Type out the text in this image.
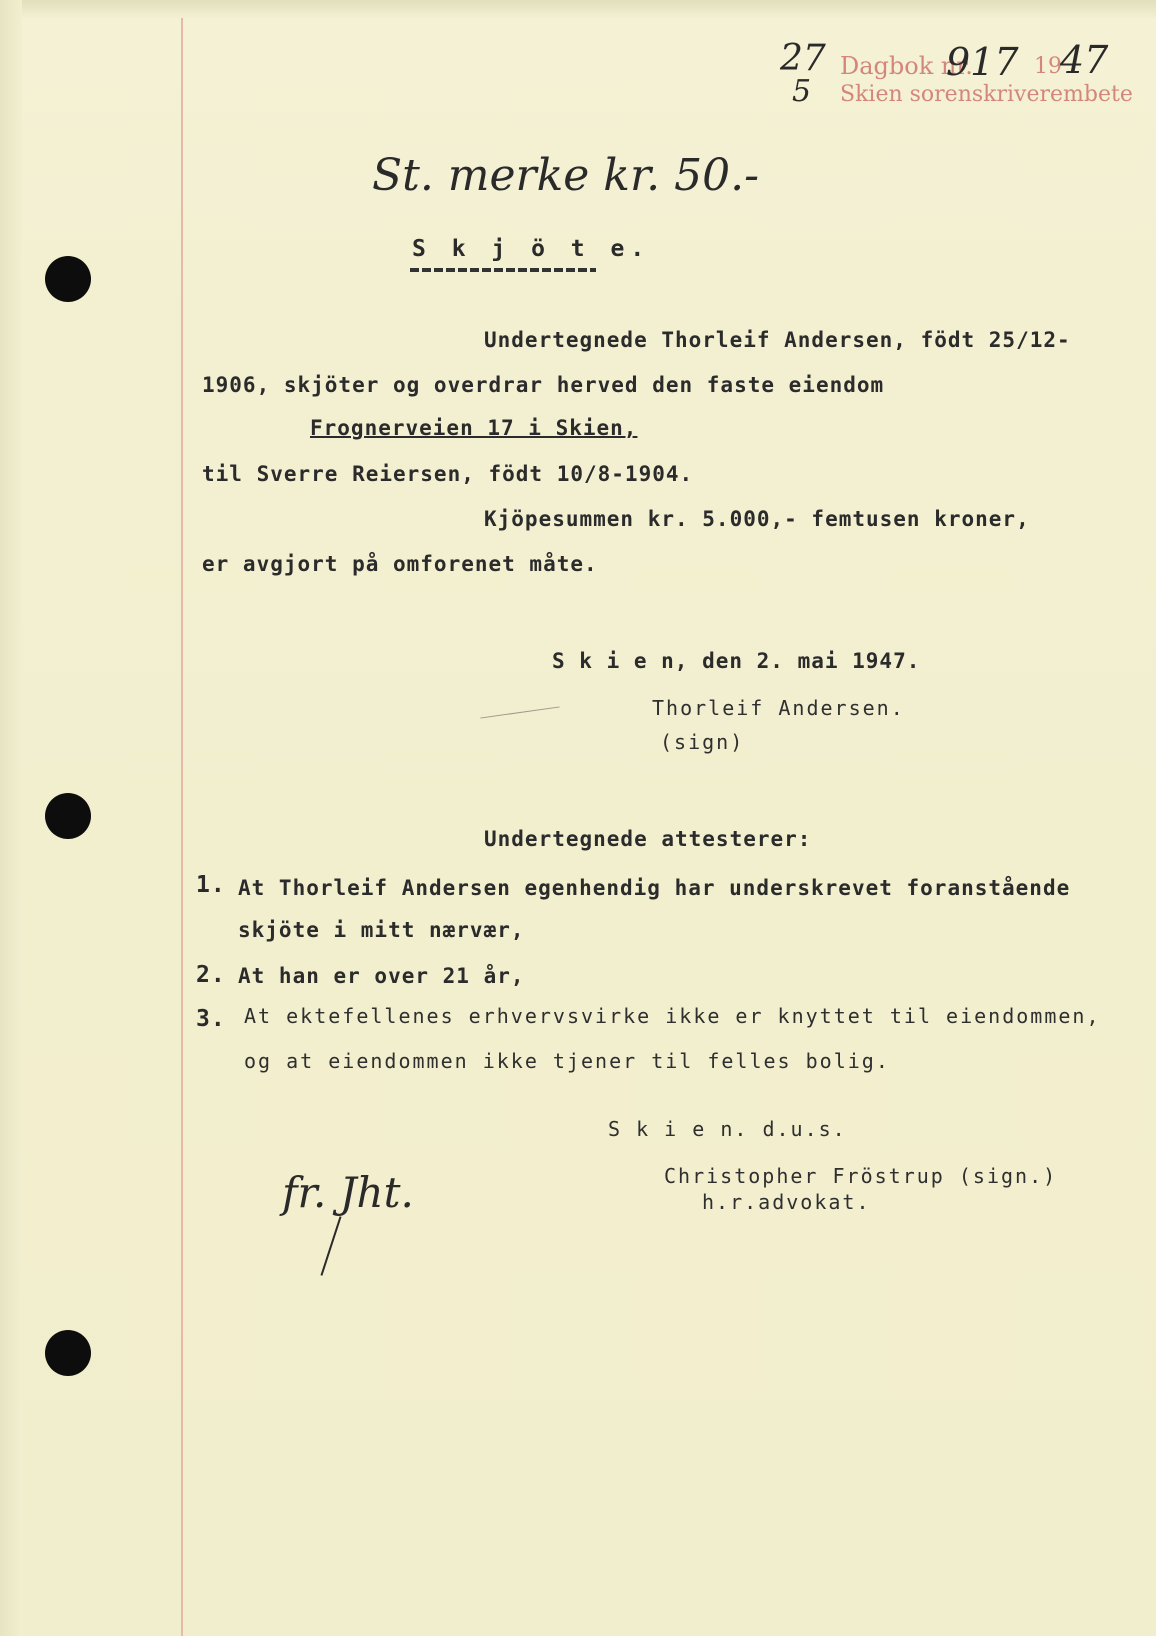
27
5
Dagbok nr.
917 19
47
Skien sorenskriverembete
St. merke kr. 50.-
S k j ö t e.
Undertegnede Thorleif Andersen, födt 25/12-
1906, skjöter og overdrar herved den faste eiendom
Frognerveien 17 i Skien,
til Sverre Reiersen, födt 10/8-1904.
Kjöpesummen kr. 5.000,- femtusen kroner,
er avgjort på omforenet måte.
S k i e n, den 2. mai 1947.
Thorleif Andersen.
(sign)
Undertegnede attesterer:
1. At Thorleif Andersen egenhendig har underskrevet foranstående
skjöte i mitt nærvær,
2. At han er over 21 år,
3. At ektefellenes erhvervsvirke ikke er knyttet til eiendommen,
og at eiendommen ikke tjener til felles bolig.
S k i e n. d.u.s.
Christopher Fröstrup (sign.)
h.r.advokat.
fr. Jht.
